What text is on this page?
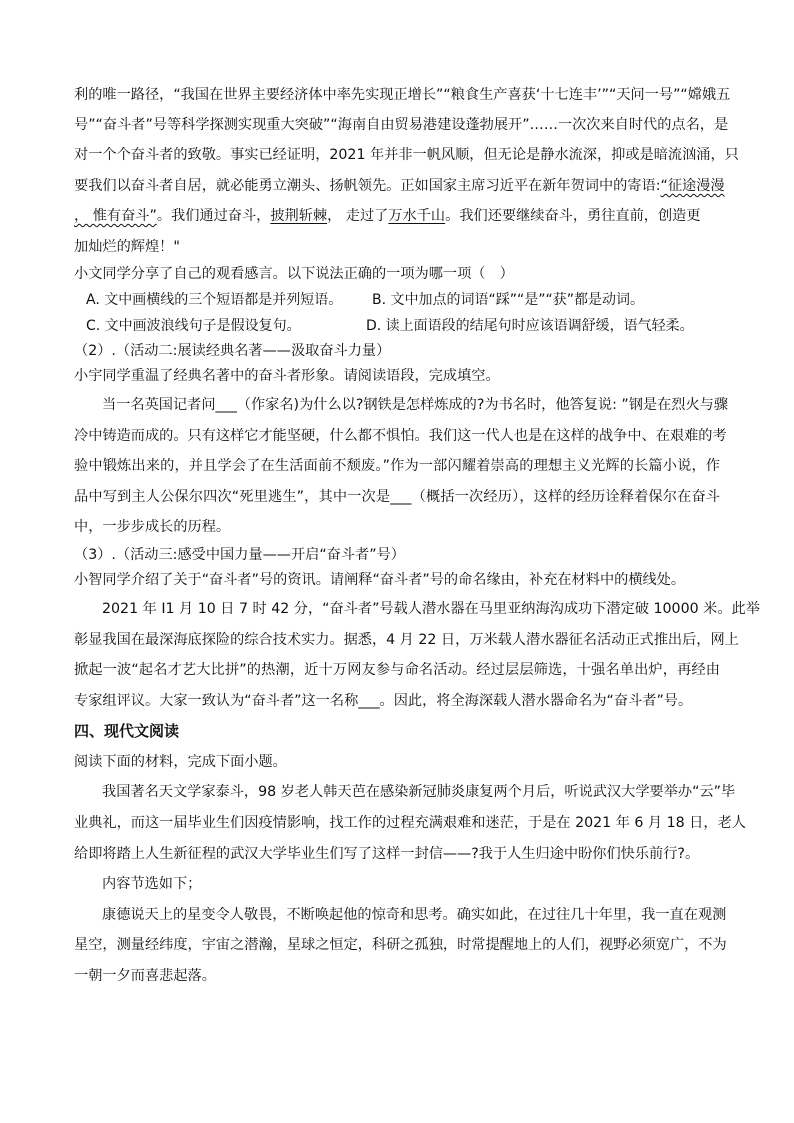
利的唯一路径，“我国在世界主要经济体中率先实现正增长”“粮食生产喜获‘十七连丰’”“天问一号”“嫦娥五
号”“奋斗者”号等科学探测实现重大突破”“海南自由贸易港建设蓬勃展开”……一次次来自时代的点名，是
对一个个奋斗者的致敬。事实已经证明，2021 年并非一帆风顺，但无论是静水流深，抑或是暗流汹涌，只
要我们以奋斗者自居，就必能勇立潮头、扬帆领先。正如国家主席习近平在新年贺词中的寄语:“征途漫漫
， 惟有奋斗”。我们通过奋斗，披荆斩棘， 走过了万水千山。我们还要继续奋斗，勇往直前，创造更
加灿烂的辉煌！"
小文同学分享了自己的观看感言。以下说法正确的一项为哪一项（　）
A. 文中画横线的三个短语都是并列短语。 B. 文中加点的词语“踩”“是”“获”都是动词。
C. 文中画波浪线句子是假设复句。	D. 读上面语段的结尾句时应该语调舒缓，语气轻柔。
（2）.（活动二:展读经典名著——汲取奋斗力量）
小宇同学重温了经典名著中的奋斗者形象。请阅读语段，完成填空。
当一名英国记者问___（作家名)为什么以?钢铁是怎样炼成的?为书名时，他答复说: ”钢是在烈火与骤
冷中铸造而成的。只有这样它才能坚硬，什么都不惧怕。我们这一代人也是在这样的战争中、在艰难的考
验中锻炼出来的，并且学会了在生活面前不颓废。”作为一部闪耀着崇高的理想主义光辉的长篇小说，作
品中写到主人公保尔四次“死里逃生”，其中一次是___（概括一次经历），这样的经历诠释着保尔在奋斗
中，一步步成长的历程。
（3）.（活动三:感受中国力量——开启“奋斗者”号）
小智同学介绍了关于“奋斗者”号的资讯。请阐释“奋斗者”号的命名缘由，补充在材料中的横线处。
2021 年 I1 月 10 日 7 时 42 分，“奋斗者”号载人潜水器在马里亚纳海沟成功下潜定破 10000 米。此举
彰显我国在最深海底探险的综合技术实力。据悉，4 月 22 日，万米载人潜水器征名活动正式推出后，网上
掀起一波“起名才艺大比拼”的热潮，近十万网友参与命名活动。经过层层筛选，十强名单出炉，再经由
专家组评议。大家一致认为“奋斗者”这一名称___。因此，将全海深载人潜水器命名为“奋斗者”号。
四、现代文阅读
阅读下面的材料，完成下面小题。
我国著名天文学家泰斗，98 岁老人韩天芭在感染新冠肺炎康复两个月后，听说武汉大学要举办“云”毕
业典礼，而这一届毕业生们因疫情影响，找工作的过程充满艰难和迷茫，于是在 2021 年 6 月 18 日，老人
给即将踏上人生新征程的武汉大学毕业生们写了这样一封信——?我于人生归途中盼你们快乐前行?。
内容节选如下；
康德说天上的星变令人敬畏，不断唤起他的惊奇和思考。确实如此，在过往几十年里，我一直在观测
星空，测量经纬度，宇宙之潜瀚，星球之恒定，科研之孤独，时常提醒地上的人们，视野必须宽广，不为
一朝一夕而喜悲起落。
